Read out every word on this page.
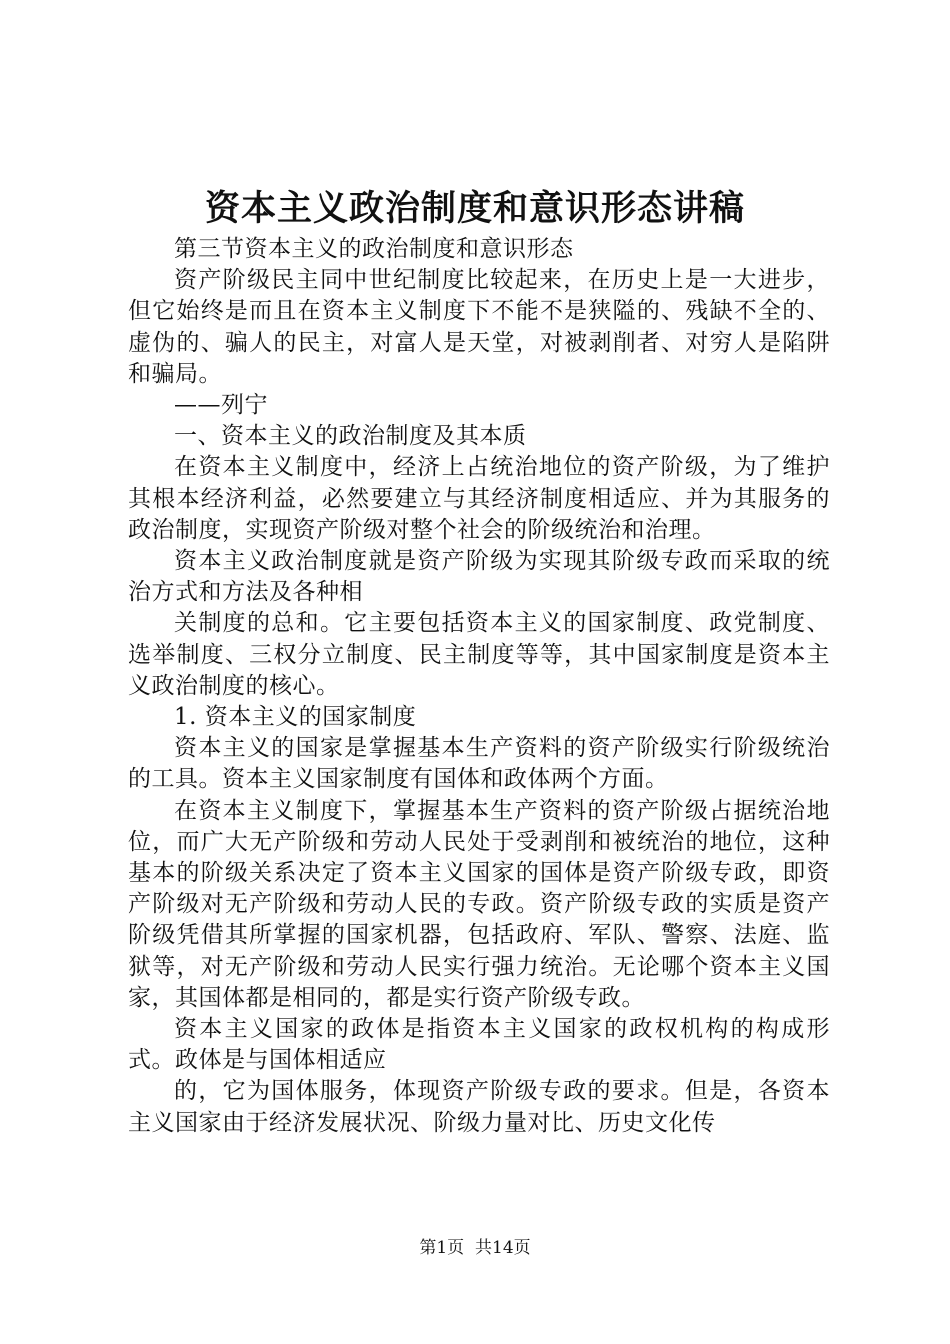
资本主义政治制度和意识形态讲稿

第三节资本主义的政治制度和意识形态

资产阶级民主同中世纪制度比较起来，在历史上是一大进步，但它始终是而且在资本主义制度下不能不是狭隘的、残缺不全的、虚伪的、骗人的民主，对富人是天堂，对被剥削者、对穷人是陷阱和骗局。

——列宁

一、资本主义的政治制度及其本质

在资本主义制度中，经济上占统治地位的资产阶级，为了维护其根本经济利益，必然要建立与其经济制度相适应、并为其服务的政治制度，实现资产阶级对整个社会的阶级统治和治理。

资本主义政治制度就是资产阶级为实现其阶级专政而采取的统治方式和方法及各种相

关制度的总和。它主要包括资本主义的国家制度、政党制度、选举制度、三权分立制度、民主制度等等，其中国家制度是资本主义政治制度的核心。

1. 资本主义的国家制度

资本主义的国家是掌握基本生产资料的资产阶级实行阶级统治的工具。资本主义国家制度有国体和政体两个方面。

在资本主义制度下，掌握基本生产资料的资产阶级占据统治地位，而广大无产阶级和劳动人民处于受剥削和被统治的地位，这种基本的阶级关系决定了资本主义国家的国体是资产阶级专政，即资产阶级对无产阶级和劳动人民的专政。资产阶级专政的实质是资产阶级凭借其所掌握的国家机器，包括政府、军队、警察、法庭、监狱等，对无产阶级和劳动人民实行强力统治。无论哪个资本主义国家，其国体都是相同的，都是实行资产阶级专政。

资本主义国家的政体是指资本主义国家的政权机构的构成形式。政体是与国体相适应

的，它为国体服务，体现资产阶级专政的要求。但是，各资本主义国家由于经济发展状况、阶级力量对比、历史文化传

第1页 共14页
